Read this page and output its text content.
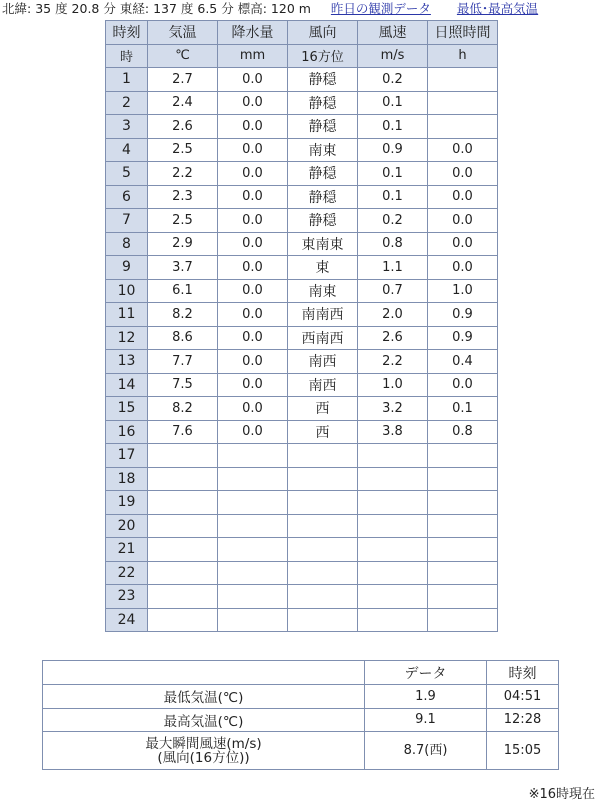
北緯: 35 度 20.8 分 東経: 137 度 6.5 分 標高: 120 m 昨日の観測データ 最低･最高気温
時刻	気温	降水量	風向	風速	日照時間
時	℃	mm	16方位	m/s	h
1	2.7	0.0	静穏	0.2	
2	2.4	0.0	静穏	0.1	
3	2.6	0.0	静穏	0.1	
4	2.5	0.0	南東	0.9	0.0
5	2.2	0.0	静穏	0.1	0.0
6	2.3	0.0	静穏	0.1	0.0
7	2.5	0.0	静穏	0.2	0.0
8	2.9	0.0	東南東	0.8	0.0
9	3.7	0.0	東	1.1	0.0
10	6.1	0.0	南東	0.7	1.0
11	8.2	0.0	南南西	2.0	0.9
12	8.6	0.0	西南西	2.6	0.9
13	7.7	0.0	南西	2.2	0.4
14	7.5	0.0	南西	1.0	0.0
15	8.2	0.0	西	3.2	0.1
16	7.6	0.0	西	3.8	0.8
17					
18					
19					
20					
21					
22					
23					
24					
	データ	時刻
最低気温(℃)	1.9	04:51
最高気温(℃)	9.1	12:28

最大瞬間風速(m/s)
(風向(16方位))	8.7(西)	15:05
※16時現在
